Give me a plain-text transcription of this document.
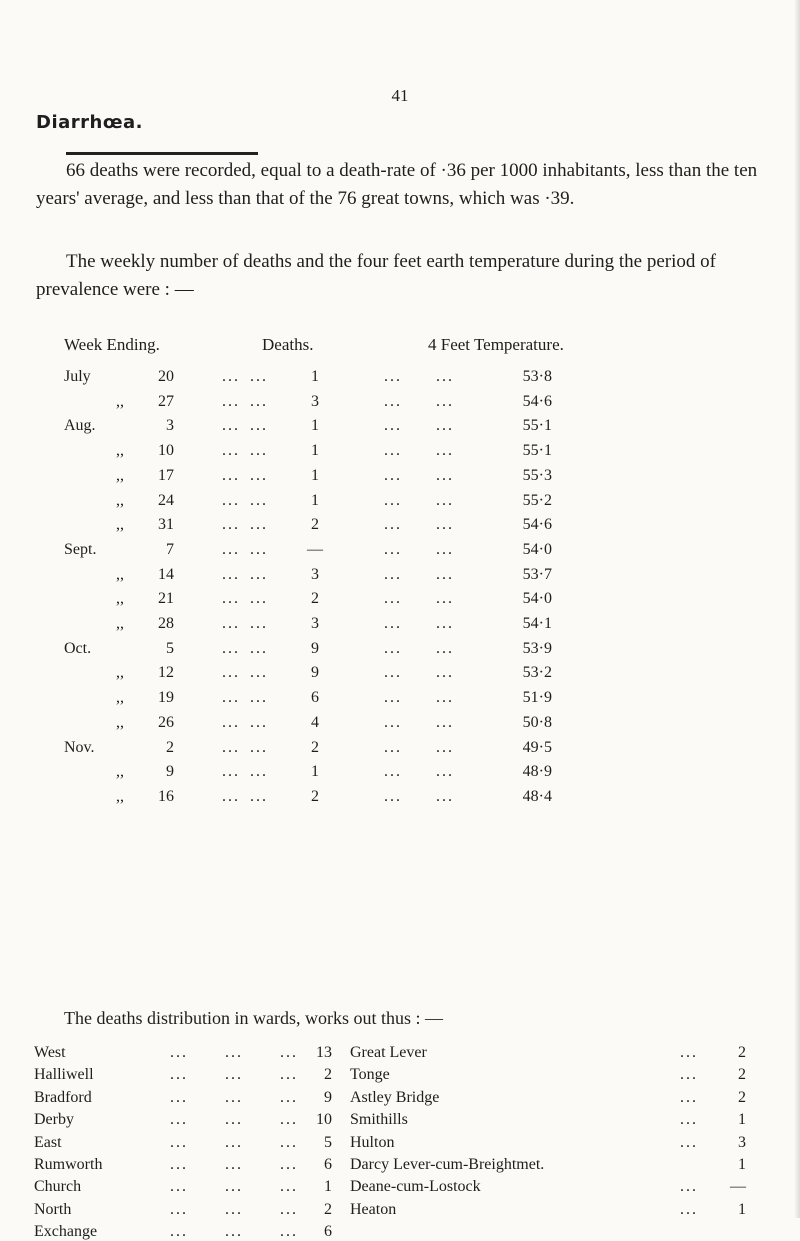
41
Diarrhœa.

66 deaths were recorded, equal to a death-rate of ·36 per 1000 inhabitants, less than the ten years' average, and less than that of the 76 great towns, which was ·39.

The weekly number of deaths and the four feet earth temperature during the period of prevalence were : —

Week Ending.	Deaths.	4 Feet Temperature.
July	20	... ...	1	... ...	53·8
,,	27	... ...	3	... ...	54·6
Aug.	3	... ...	1	... ...	55·1
,,	10	... ...	1	... ...	55·1
,,	17	... ...	1	... ...	55·3
,,	24	... ...	1	... ...	55·2
,,	31	... ...	2	... ...	54·6
Sept.	7	... ...	—	... ...	54·0
,,	14	... ...	3	... ...	53·7
,,	21	... ...	2	... ...	54·0
,,	28	... ...	3	... ...	54·1
Oct.	5	... ...	9	... ...	53·9
,,	12	... ...	9	... ...	53·2
,,	19	... ...	6	... ...	51·9
,,	26	... ...	4	... ...	50·8
Nov.	2	... ...	2	... ...	49·5
,,	9	... ...	1	... ...	48·9
,,	16	... ...	2	... ...	48·4
The deaths distribution in wards, works out thus : —
West	... ... ...	13
Halliwell	... ... ...	2
Bradford	... ... ...	9
Derby	... ... ...	10
East	... ... ...	5
Rumworth	... ... ...	6
Church	... ... ...	1
North	... ... ...	2
Exchange	... ... ...	6
Great Lever	...	2
Tonge	...	2
Astley Bridge	...	2
Smithills	...	1
Hulton	...	3
Darcy Lever-cum-Breightmet.	1
Deane-cum-Lostock	...	—
Heaton	...	1
